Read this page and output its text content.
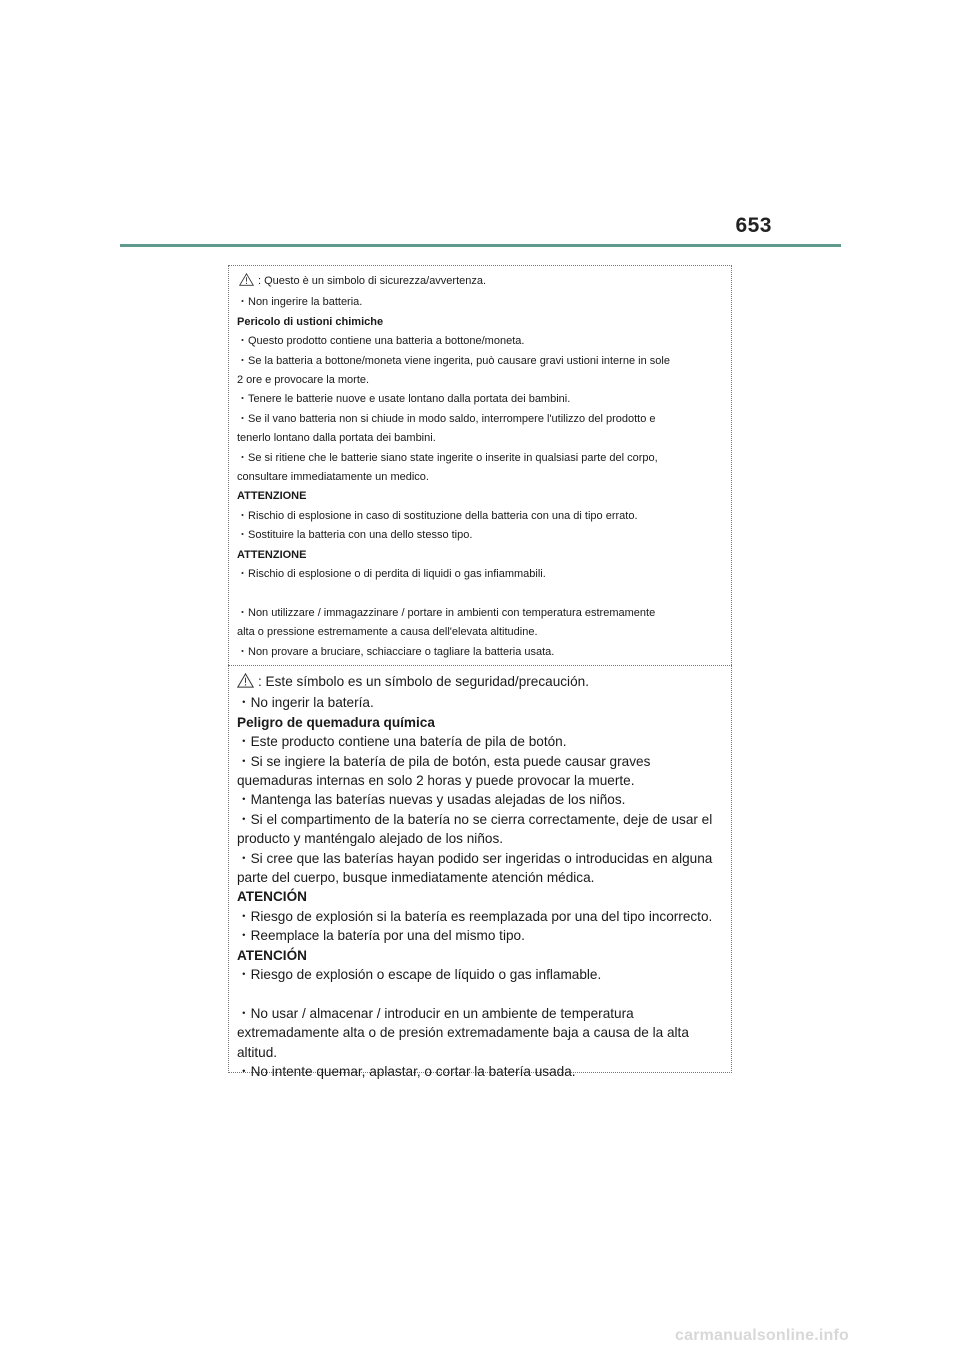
653

: Questo è un simbolo di sicurezza/avvertenza.

・Non ingerire la batteria.

Pericolo di ustioni chimiche

・Questo prodotto contiene una batteria a bottone/moneta.

・Se la batteria a bottone/moneta viene ingerita, può causare gravi ustioni interne in sole

2 ore e provocare la morte.

・Tenere le batterie nuove e usate lontano dalla portata dei bambini.

・Se il vano batteria non si chiude in modo saldo, interrompere l'utilizzo del prodotto e

tenerlo lontano dalla portata dei bambini.

・Se si ritiene che le batterie siano state ingerite o inserite in qualsiasi parte del corpo,

consultare immediatamente un medico.

ATTENZIONE

・Rischio di esplosione in caso di sostituzione della batteria con una di tipo errato.

・Sostituire la batteria con una dello stesso tipo.

ATTENZIONE

・Rischio di esplosione o di perdita di liquidi o gas infiammabili.

・Non utilizzare / immagazzinare / portare in ambienti con temperatura estremamente

alta o pressione estremamente a causa dell'elevata altitudine.

・Non provare a bruciare, schiacciare o tagliare la batteria usata.

: Este símbolo es un símbolo de seguridad/precaución.

・No ingerir la batería.

Peligro de quemadura química

・Este producto contiene una batería de pila de botón.

・Si se ingiere la batería de pila de botón, esta puede causar graves

quemaduras internas en solo 2 horas y puede provocar la muerte.

・Mantenga las baterías nuevas y usadas alejadas de los niños.

・Si el compartimento de la batería no se cierra correctamente, deje de usar el

producto y manténgalo alejado de los niños.

・Si cree que las baterías hayan podido ser ingeridas o introducidas en alguna

parte del cuerpo, busque inmediatamente atención médica.

ATENCIÓN

・Riesgo de explosión si la batería es reemplazada por una del tipo incorrecto.

・Reemplace la batería por una del mismo tipo.

ATENCIÓN

・Riesgo de explosión o escape de líquido o gas inflamable.

・No usar / almacenar / introducir en un ambiente de temperatura

extremadamente alta o de presión extremadamente baja a causa de la alta

altitud.

・No intente quemar, aplastar, o cortar la batería usada.

carmanualsonline.info
